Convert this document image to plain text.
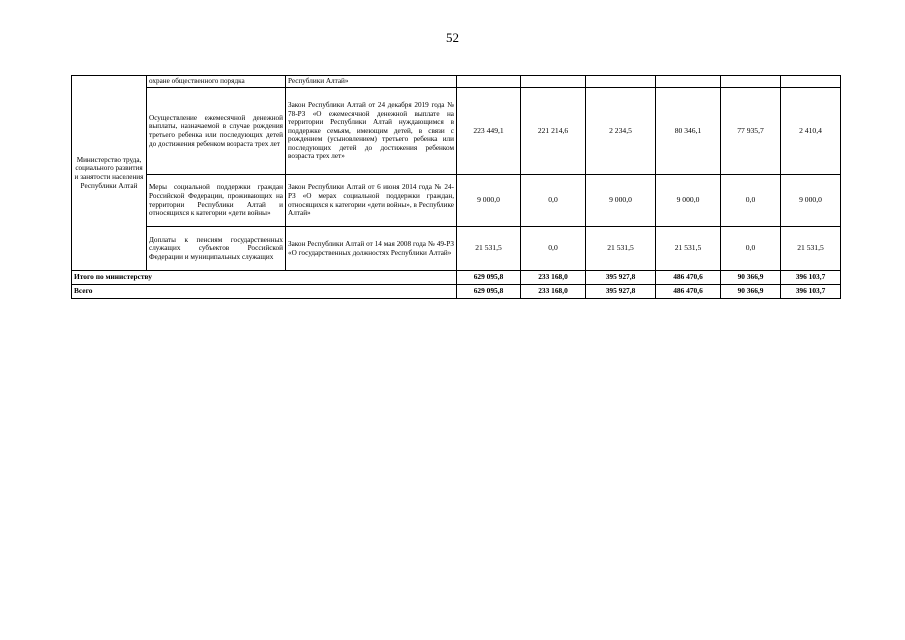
52
Министерство труда, социального развития и занятости населения Республики Алтай	охране общественного порядка	Республики Алтай»						
	Осуществление ежемесячной денежной выплаты, назначаемой в случае рождения третьего ребенка или последующих детей до достижения ребенком возраста трех лет	Закон Республики Алтай от 24 декабря 2019 года № 78-РЗ «О ежемесячной денежной выплате на территории Республики Алтай нуждающимся в поддержке семьям, имеющим детей, в связи с рождением (усыновлением) третьего ребенка или последующих детей до достижения ребенком возраста трех лет»	223 449,1	221 214,6	2 234,5	80 346,1	77 935,7	2 410,4
	Меры социальной поддержки граждан Российской Федерации, проживающих на территории Республики Алтай и относящихся к категории «дети войны»	Закон Республики Алтай от 6 июня 2014 года № 24-РЗ «О мерах социальной поддержки граждан, относящихся к категории «дети войны», в Республике Алтай»	9 000,0	0,0	9 000,0	9 000,0	0,0	9 000,0
	Доплаты к пенсиям государственных служащих субъектов Российской Федерации и муниципальных служащих	Закон Республики Алтай от 14 мая 2008 года № 49-РЗ «О государственных должностях Республики Алтай»	21 531,5	0,0	21 531,5	21 531,5	0,0	21 531,5
Итого по министерству			629 095,8	233 168,0	395 927,8	486 470,6	90 366,9	396 103,7
Всего			629 095,8	233 168,0	395 927,8	486 470,6	90 366,9	396 103,7
